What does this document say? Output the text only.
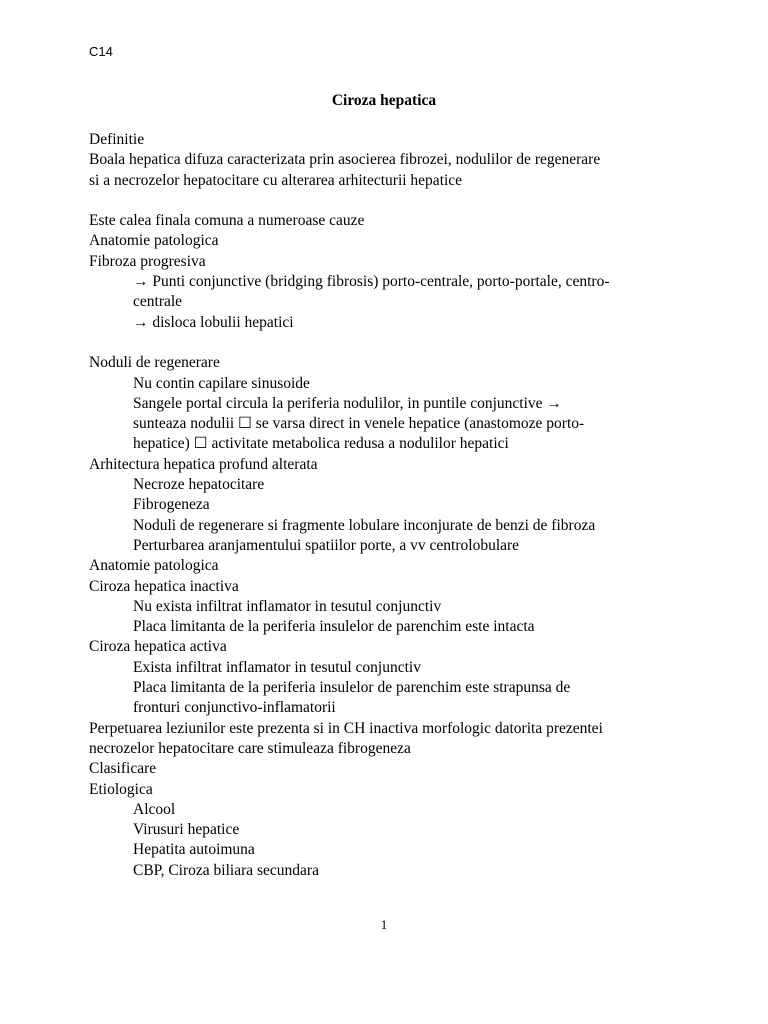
C14
Ciroza hepatica
Definitie
Boala hepatica difuza caracterizata prin asocierea fibrozei, nodulilor de regenerare
si a necrozelor hepatocitare cu alterarea arhitecturii hepatice
Este calea finala comuna a numeroase cauze
Anatomie patologica
Fibroza progresiva
→ Punti conjunctive (bridging fibrosis) porto-centrale, porto-portale, centro-
centrale
→ disloca lobulii hepatici
Noduli de regenerare
Nu contin capilare sinusoide
Sangele portal circula la periferia nodulilor, in puntile conjunctive →
sunteaza nodulii ☐ se varsa direct in venele hepatice (anastomoze porto-
hepatice) ☐ activitate metabolica redusa a nodulilor hepatici
Arhitectura hepatica profund alterata
Necroze hepatocitare
Fibrogeneza
Noduli de regenerare si fragmente lobulare inconjurate de benzi de fibroza
Perturbarea aranjamentului spatiilor porte, a vv centrolobulare
Anatomie patologica
Ciroza hepatica inactiva
Nu exista infiltrat inflamator in tesutul conjunctiv
Placa limitanta de la periferia insulelor de parenchim este intacta
Ciroza hepatica activa
Exista infiltrat inflamator in tesutul conjunctiv
Placa limitanta de la periferia insulelor de parenchim este strapunsa de
fronturi conjunctivo-inflamatorii
Perpetuarea leziunilor este prezenta si in CH inactiva morfologic datorita prezentei
necrozelor hepatocitare care stimuleaza fibrogeneza
Clasificare
Etiologica
Alcool
Virusuri hepatice
Hepatita autoimuna
CBP, Ciroza biliara secundara
1
